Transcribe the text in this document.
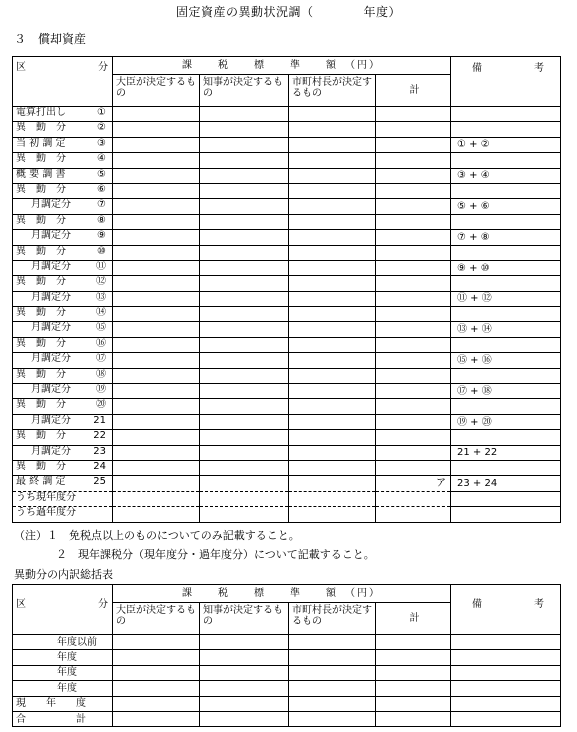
固定資産の異動状況調（　　　　年度）
３　償却資産
区 分	課　　税　　標　　準　　額　（円）				備 考

	大臣が決定するもの	知事が決定するもの	市町村長が決定するもの	計	

電算打出し ①					

異　動　分 ②					

当 初 調 定 ③					① + ②

異　動　分 ④					

概 要 調 書 ⑤					③ + ④

異　動　分 ⑥					

月調定分 ⑦					⑤ + ⑥

異　動　分 ⑧					

月調定分 ⑨					⑦ + ⑧

異　動　分 ⑩					

月調定分 ⑪					⑨ + ⑩

異　動　分 ⑫					

月調定分 ⑬					⑪ + ⑫

異　動　分 ⑭					

月調定分 ⑮					⑬ + ⑭

異　動　分 ⑯					

月調定分 ⑰					⑮ + ⑯

異　動　分 ⑱					

月調定分 ⑲					⑰ + ⑱

異　動　分 ⑳					

月調定分 21					⑲ + ⑳

異　動　分 22					

月調定分 23					21 + 22

異　動　分 24					

最 終 調 定 25				ア	23 + 24

うち現年度分					

うち過年度分					

（注）１　免税点以上のものについてのみ記載すること。
２　現年課税分（現年度分・過年度分）について記載すること。
異動分の内訳総括表
区 分	課　　税　　標　　準　　額　（円）				備 考

	大臣が決定するもの	知事が決定するもの	市町村長が決定するもの	計	
年度以前					
年度					
年度					
年度					
現　　年　　度					
合　　　　　計					
